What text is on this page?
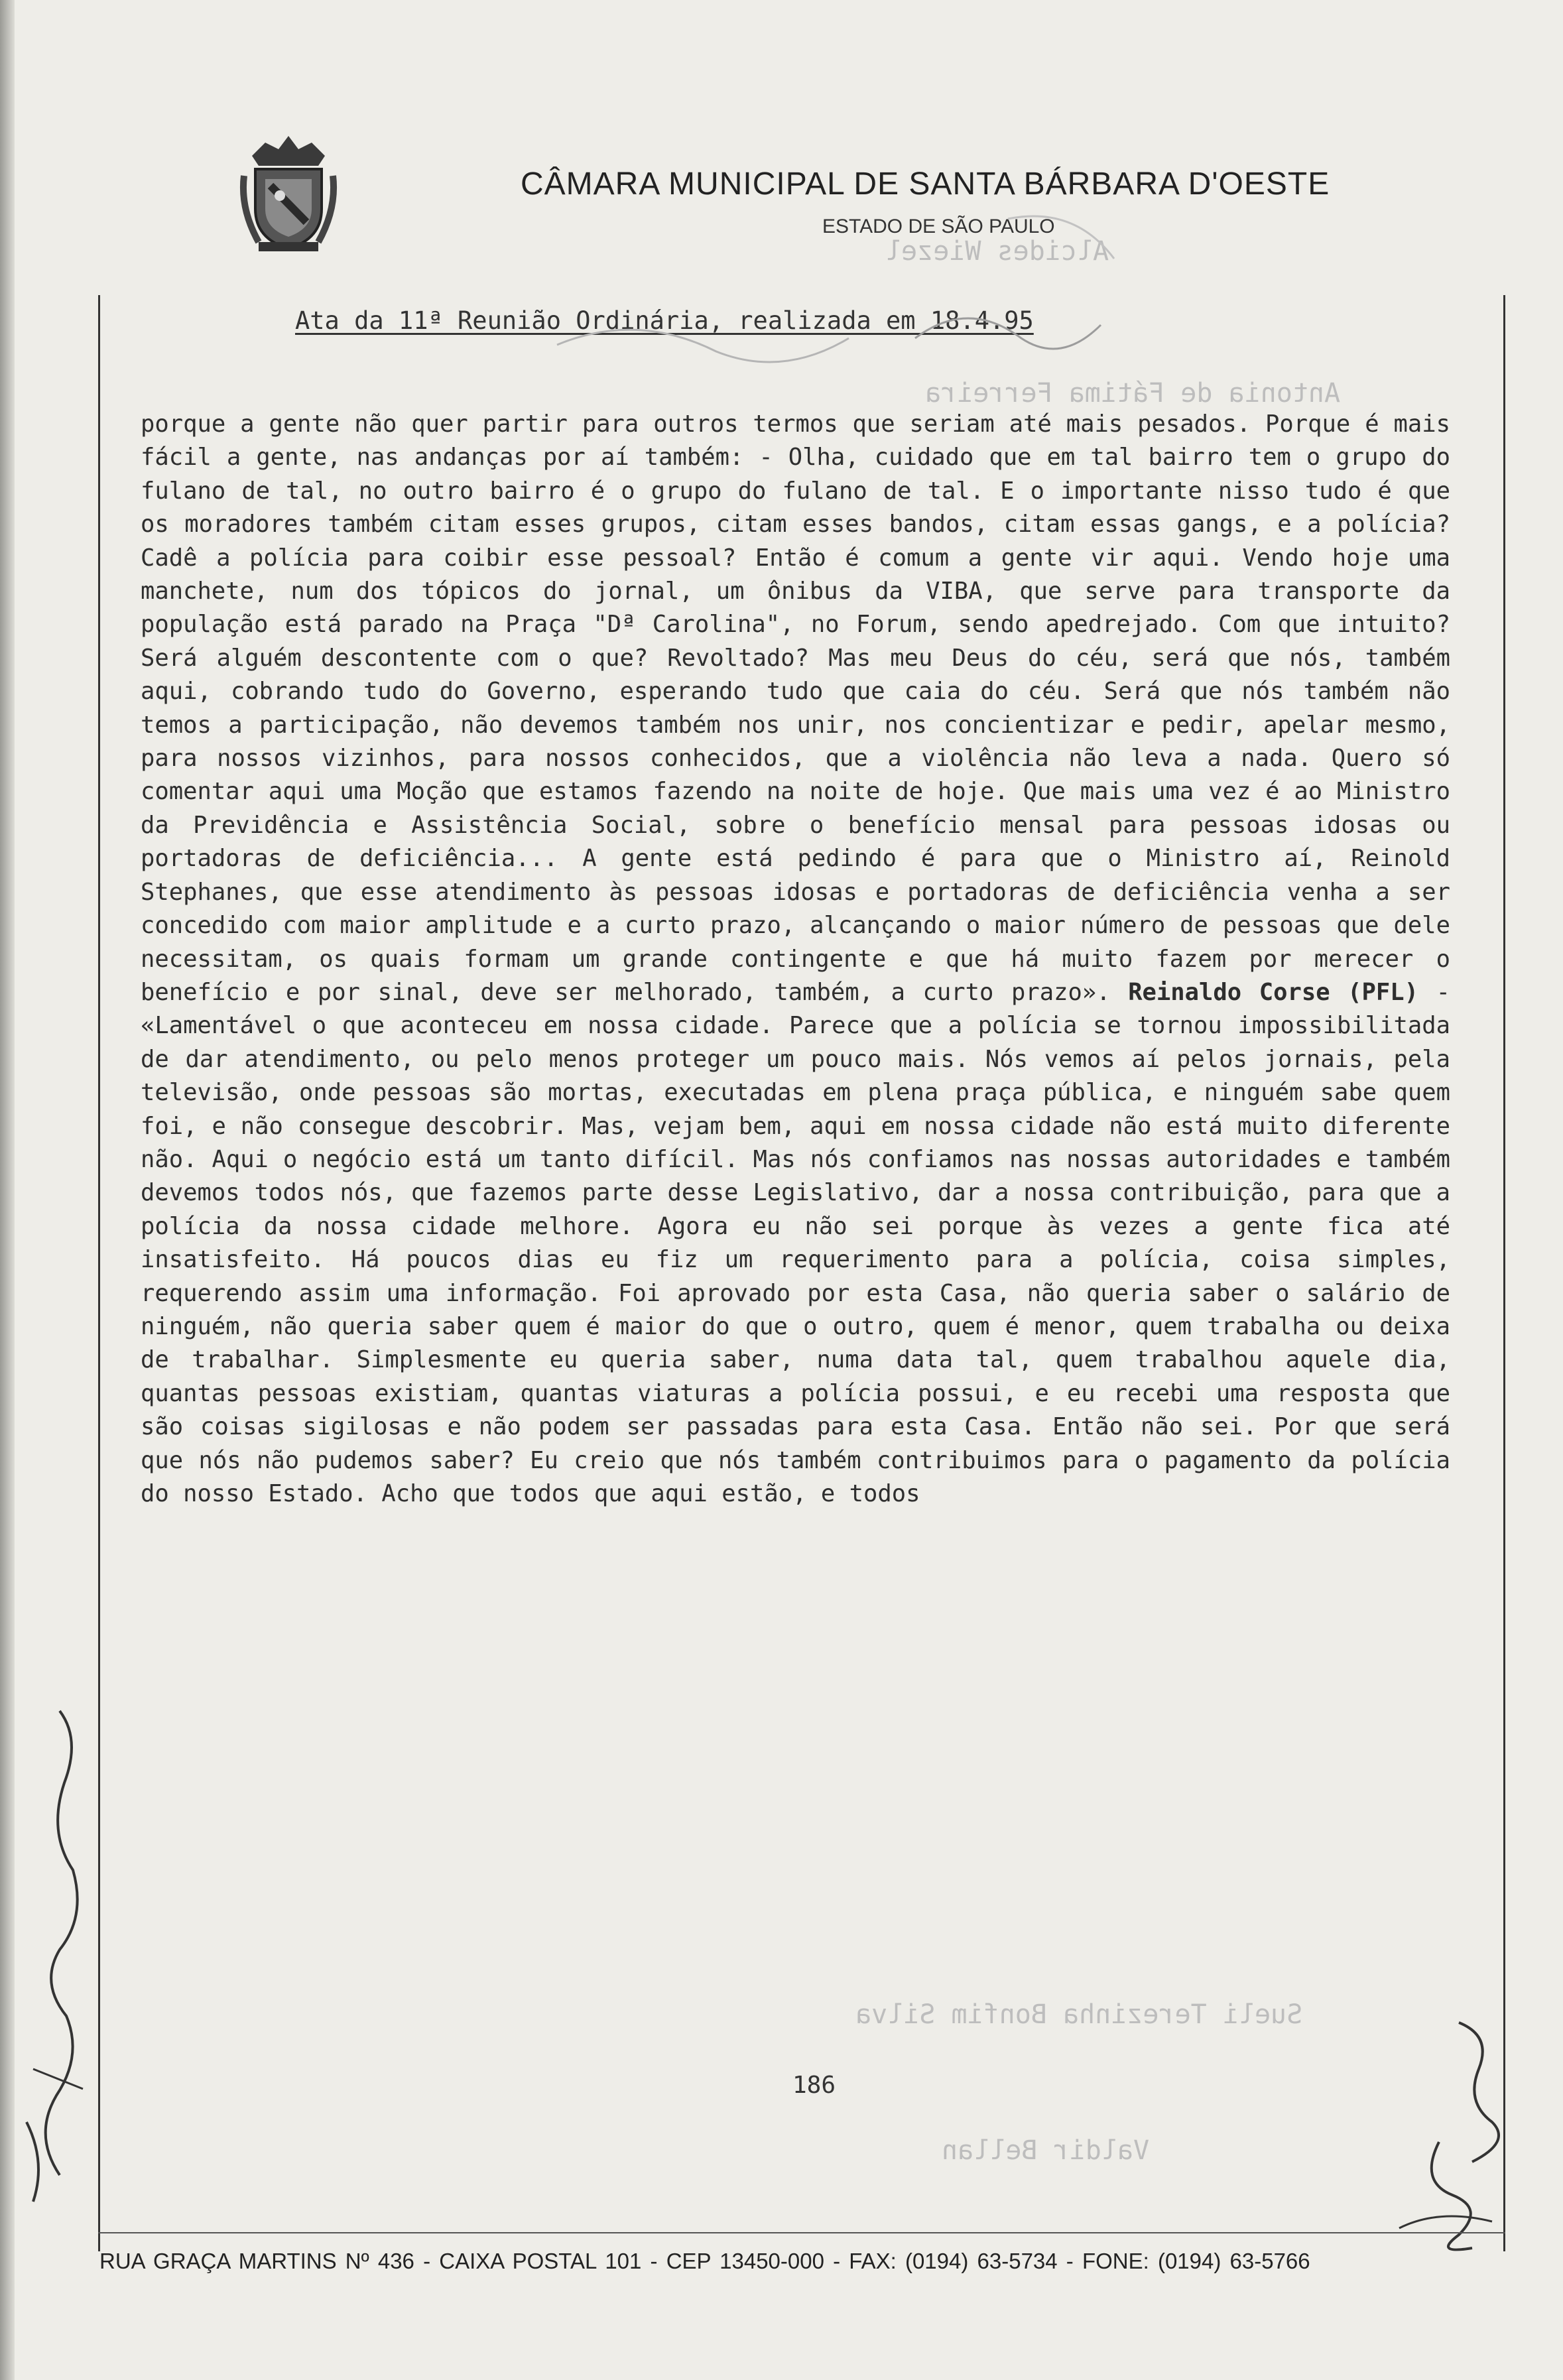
Alcides Wiezel
Antonia de Fátima Ferreira
Sueli Terezinha Bonfim Silva
Valdir Bellan
CÂMARA MUNICIPAL DE SANTA BÁRBARA D'OESTE
ESTADO DE SÃO PAULO
Ata da 11ª Reunião Ordinária, realizada em 18.4.95
porque a gente não quer partir para outros termos que seriam até mais pesados. Porque é mais fácil a gente, nas andanças por aí também: - Olha, cuidado que em tal bairro tem o grupo do fulano de tal, no outro bairro é o grupo do fulano de tal. E o importante nisso tudo é que os moradores também citam esses grupos, citam esses bandos, citam essas gangs, e a polícia? Cadê a polícia para coibir esse pessoal? Então é comum a gente vir aqui. Vendo hoje uma manchete, num dos tópicos do jornal, um ônibus da VIBA, que serve para transporte da população está parado na Praça "Dª Carolina", no Forum, sendo apedrejado. Com que intuito? Será alguém descontente com o que? Revoltado? Mas meu Deus do céu, será que nós, também aqui, cobrando tudo do Governo, esperando tudo que caia do céu. Será que nós também não temos a participação, não devemos também nos unir, nos concientizar e pedir, apelar mesmo, para nossos vizinhos, para nossos conhecidos, que a violência não leva a nada. Quero só comentar aqui uma Moção que estamos fazendo na noite de hoje. Que mais uma vez é ao Ministro da Previdência e Assistência Social, sobre o benefício mensal para pessoas idosas ou portadoras de deficiência... A gente está pedindo é para que o Ministro aí, Reinold Stephanes, que esse atendimento às pessoas idosas e portadoras de deficiência venha a ser concedido com maior amplitude e a curto prazo, alcançando o maior número de pessoas que dele necessitam, os quais formam um grande contingente e que há muito fazem por merecer o benefício e por sinal, deve ser melhorado, também, a curto prazo». Reinaldo Corse (PFL) - «Lamentável o que aconteceu em nossa cidade. Parece que a polícia se tornou impossibilitada de dar atendimento, ou pelo menos proteger um pouco mais. Nós vemos aí pelos jornais, pela televisão, onde pessoas são mortas, executadas em plena praça pública, e ninguém sabe quem foi, e não consegue descobrir. Mas, vejam bem, aqui em nossa cidade não está muito diferente não. Aqui o negócio está um tanto difícil. Mas nós confiamos nas nossas autoridades e também devemos todos nós, que fazemos parte desse Legislativo, dar a nossa contribuição, para que a polícia da nossa cidade melhore. Agora eu não sei porque às vezes a gente fica até insatisfeito. Há poucos dias eu fiz um requerimento para a polícia, coisa simples, requerendo assim uma informação. Foi aprovado por esta Casa, não queria saber o salário de ninguém, não queria saber quem é maior do que o outro, quem é menor, quem trabalha ou deixa de trabalhar. Simplesmente eu queria saber, numa data tal, quem trabalhou aquele dia, quantas pessoas existiam, quantas viaturas a polícia possui, e eu recebi uma resposta que são coisas sigilosas e não podem ser passadas para esta Casa. Então não sei. Por que será que nós não pudemos saber? Eu creio que nós também contribuimos para o pagamento da polícia do nosso Estado. Acho que todos que aqui estão, e todos
186
RUA GRAÇA MARTINS Nº 436 - CAIXA POSTAL 101 - CEP 13450-000 - FAX: (0194) 63-5734 - FONE: (0194) 63-5766
